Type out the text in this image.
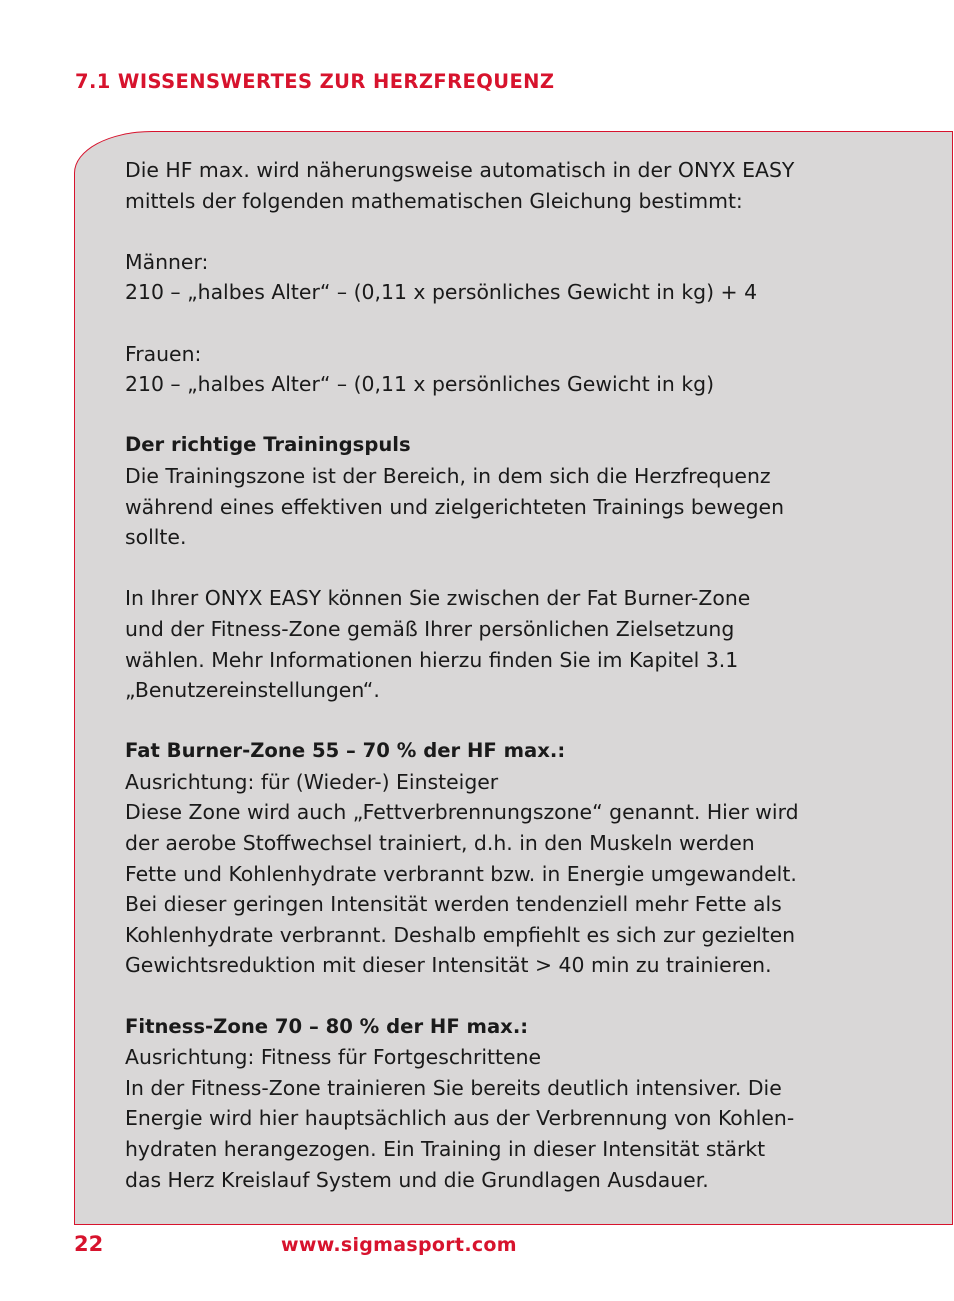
7.1 WISSENSWERTES ZUR HERZFREQUENZ

Die HF max. wird näherungsweise automatisch in der ONYX EASY

mittels der folgenden mathematischen Gleichung bestimmt:

Männer:

210 – „halbes Alter“ – (0,11 x persönliches Gewicht in kg) + 4

Frauen:

210 – „halbes Alter“ – (0,11 x persönliches Gewicht in kg)

Der richtige Trainingspuls

Die Trainingszone ist der Bereich, in dem sich die Herzfrequenz

während eines effektiven und zielgerichteten Trainings bewegen

sollte.

In Ihrer ONYX EASY können Sie zwischen der Fat Burner-Zone

und der Fitness-Zone gemäß Ihrer persönlichen Zielsetzung

wählen. Mehr Informationen hierzu finden Sie im Kapitel 3.1

„Benutzereinstellungen“.

Fat Burner-Zone 55 – 70 % der HF max.:

Ausrichtung: für (Wieder-) Einsteiger

Diese Zone wird auch „Fettverbrennungszone“ genannt. Hier wird

der aerobe Stoffwechsel trainiert, d.h. in den Muskeln werden

Fette und Kohlenhydrate verbrannt bzw. in Energie umgewandelt.

Bei dieser geringen Intensität werden tendenziell mehr Fette als

Kohlenhydrate verbrannt. Deshalb empfiehlt es sich zur gezielten

Gewichtsreduktion mit dieser Intensität > 40 min zu trainieren.

Fitness-Zone 70 – 80 % der HF max.:

Ausrichtung: Fitness für Fortgeschrittene

In der Fitness-Zone trainieren Sie bereits deutlich intensiver. Die

Energie wird hier hauptsächlich aus der Verbrennung von Kohlen-

hydraten herangezogen. Ein Training in dieser Intensität stärkt

das Herz Kreislauf System und die Grundlagen Ausdauer.

22	www.sigmasport.com
